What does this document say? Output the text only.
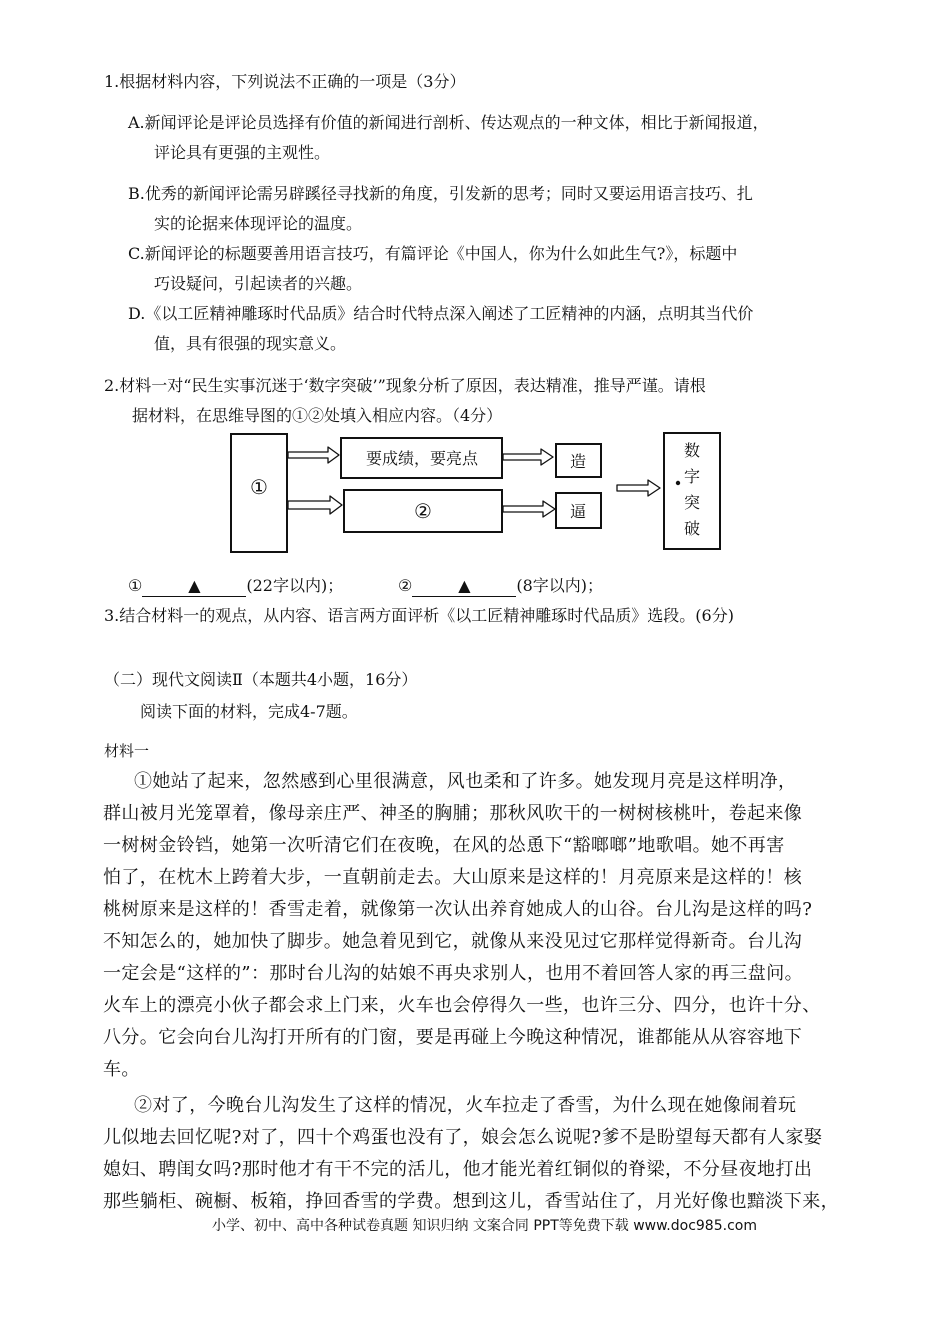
1.根据材料内容，下列说法不正确的一项是（3分）
A.新闻评论是评论员选择有价值的新闻进行剖析、传达观点的一种文体，相比于新闻报道，
评论具有更强的主观性。
B.优秀的新闻评论需另辟蹊径寻找新的角度，引发新的思考；同时又要运用语言技巧、扎
实的论据来体现评论的温度。
C.新闻评论的标题要善用语言技巧，有篇评论《中国人，你为什么如此生气?》，标题中
巧设疑问，引起读者的兴趣。
D.《以工匠精神雕琢时代品质》结合时代特点深入阐述了工匠精神的内涵，点明其当代价
值，具有很强的现实意义。
2.材料一对“民生实事沉迷于‘数字突破’”现象分析了原因，表达精准，推导严谨。请根
据材料，在思维导图的①②处填入相应内容。（4分）
①
要成绩，要亮点
②
造
逼
数
字
突
破
①	▲	(22字以内)；	②	▲	(8字以内)；
3.结合材料一的观点，从内容、语言两方面评析《以工匠精神雕琢时代品质》选段。(6分)
（二）现代文阅读Ⅱ（本题共4小题，16分）
阅读下面的材料，完成4-7题。
材料一
①她站了起来，忽然感到心里很满意，风也柔和了许多。她发现月亮是这样明净，
群山被月光笼罩着，像母亲庄严、神圣的胸脯；那秋风吹干的一树树核桃叶，卷起来像
一树树金铃铛，她第一次听清它们在夜晚，在风的怂恿下“豁啷啷”地歌唱。她不再害
怕了，在枕木上跨着大步，一直朝前走去。大山原来是这样的！月亮原来是这样的！核
桃树原来是这样的！香雪走着，就像第一次认出养育她成人的山谷。台儿沟是这样的吗?
不知怎么的，她加快了脚步。她急着见到它，就像从来没见过它那样觉得新奇。台儿沟
一定会是“这样的”：那时台儿沟的姑娘不再央求别人，也用不着回答人家的再三盘问。
火车上的漂亮小伙子都会求上门来，火车也会停得久一些，也许三分、四分，也许十分、
八分。它会向台儿沟打开所有的门窗，要是再碰上今晚这种情况，谁都能从从容容地下
车。
②对了，今晚台儿沟发生了这样的情况，火车拉走了香雪，为什么现在她像闹着玩
儿似地去回忆呢?对了，四十个鸡蛋也没有了，娘会怎么说呢?爹不是盼望每天都有人家娶
媳妇、聘闺女吗?那时他才有干不完的活儿，他才能光着红铜似的脊梁，不分昼夜地打出
那些躺柜、碗橱、板箱，挣回香雪的学费。想到这儿，香雪站住了，月光好像也黯淡下来，
小学、初中、高中各种试卷真题 知识归纳 文案合同 PPT等免费下载 www.doc985.com
